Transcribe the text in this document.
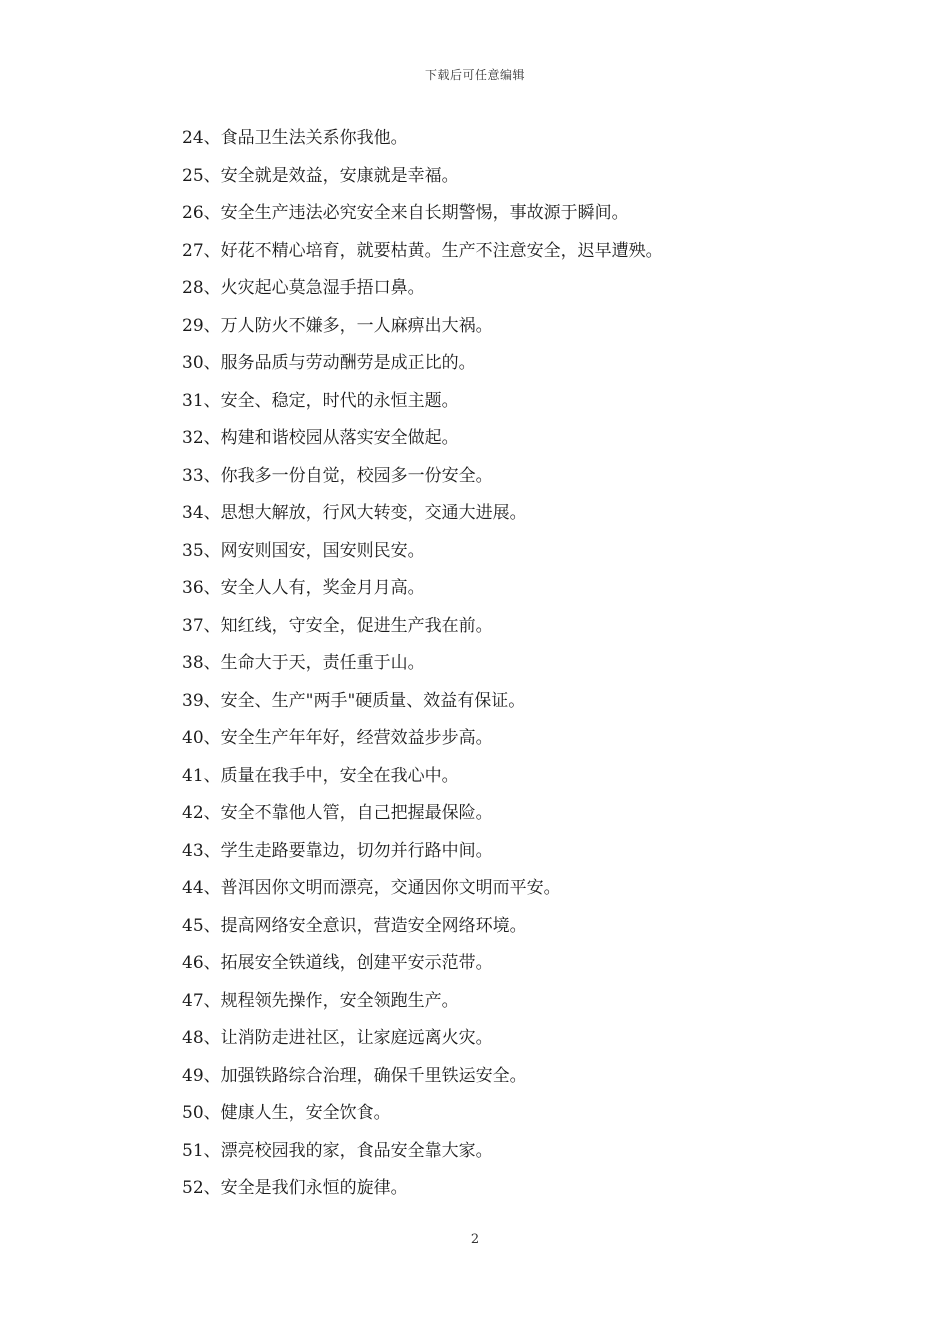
下载后可任意编辑
24、食品卫生法关系你我他。
25、安全就是效益，安康就是幸福。
26、安全生产违法必究安全来自长期警惕，事故源于瞬间。
27、好花不精心培育，就要枯黄。生产不注意安全，迟早遭殃。
28、火灾起心莫急湿手捂口鼻。
29、万人防火不嫌多，一人麻痹出大祸。
30、服务品质与劳动酬劳是成正比的。
31、安全、稳定，时代的永恒主题。
32、构建和谐校园从落实安全做起。
33、你我多一份自觉，校园多一份安全。
34、思想大解放，行风大转变，交通大进展。
35、网安则国安，国安则民安。
36、安全人人有，奖金月月高。
37、知红线，守安全，促进生产我在前。
38、生命大于天，责任重于山。
39、安全、生产"两手"硬质量、效益有保证。
40、安全生产年年好，经营效益步步高。
41、质量在我手中，安全在我心中。
42、安全不靠他人管，自己把握最保险。
43、学生走路要靠边，切勿并行路中间。
44、普洱因你文明而漂亮，交通因你文明而平安。
45、提高网络安全意识，营造安全网络环境。
46、拓展安全铁道线，创建平安示范带。
47、规程领先操作，安全领跑生产。
48、让消防走进社区，让家庭远离火灾。
49、加强铁路综合治理，确保千里铁运安全。
50、健康人生，安全饮食。
51、漂亮校园我的家，食品安全靠大家。
52、安全是我们永恒的旋律。
2
